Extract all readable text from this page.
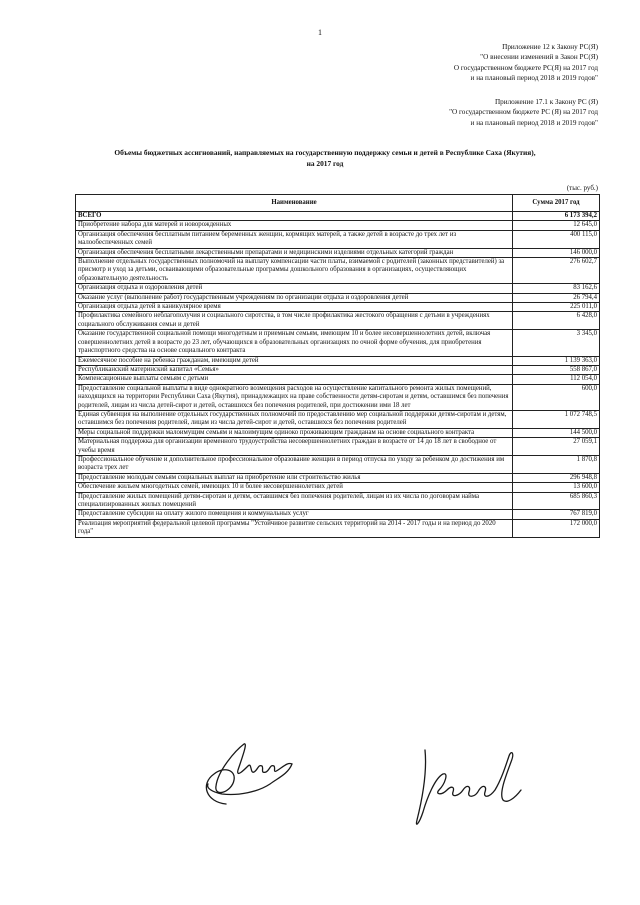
1
Приложение 12 к Закону РС(Я)
"О внесении изменений в Закон РС(Я)
О государственном бюджете РС(Я) на 2017 год
и на плановый период 2018 и 2019 годов"
Приложение 17.1 к Закону РС (Я)
"О государственном бюджете РС (Я) на 2017 год
и на плановый период 2018 и 2019 годов"
Объемы бюджетных ассигнований, направляемых на государственную поддержку семьи и детей в Республике Саха (Якутия),
на 2017 год
(тыс. руб.)
Наименование	Сумма 2017 год
ВСЕГО	6 173 394,2
Приобретение набора для матерей и новорожденных	12 645,0
Организация обеспечения бесплатным питанием беременных женщин, кормящих матерей, а также детей в возрасте до трех лет из малообеспеченных семей	400 115,0
Организация обеспечения бесплатными лекарственными препаратами и медицинскими изделиями отдельных категорий граждан	146 000,0
Выполнение отдельных государственных полномочий на выплату компенсации части платы, взимаемой с родителей (законных представителей) за присмотр и уход за детьми, осваивающими образовательные программы дошкольного образования в организациях, осуществляющих образовательную деятельность	276 602,7
Организация отдыха и оздоровления детей	83 162,6
Оказание услуг (выполнение работ) государственным учреждениям по организации отдыха и оздоровления детей	26 794,4
Организация отдыха детей в каникулярное время	225 011,0
Профилактика семейного неблагополучия и социального сиротства, в том числе профилактика жестокого обращения с детьми в учреждениях социального обслуживания семьи и детей	6 428,0
Оказание государственной социальной помощи многодетным и приемным семьям, имеющим 10 и более несовершеннолетних детей, включая совершеннолетних детей в возрасте до 23 лет, обучающихся в образовательных организациях по очной форме обучения, для приобретения транспортного средства на основе социального контракта	3 345,0
Ежемесячное пособие на ребенка гражданам, имеющим детей	1 139 363,0
Республиканский материнский капитал «Семья»	558 867,0
Компенсационные выплаты семьям с детьми	112 054,0
Предоставление социальной выплаты в виде однократного возмещения расходов на осуществление капитального ремонта жилых помещений, находящихся на территории Республики Саха (Якутия), принадлежащих на праве собственности детям-сиротам и детям, оставшимся без попечения родителей, лицам из числа детей-сирот и детей, оставшихся без попечения родителей, при достижении ими 18 лет	600,0
Единая субвенция на выполнение отдельных государственных полномочий по предоставлению мер социальной поддержки детям-сиротам и детям, оставшимся без попечения родителей, лицам из числа детей-сирот и детей, оставшихся без попечения родителей	1 072 748,5
Меры социальной поддержки малоимущим семьям и малоимущим одиноко проживающим гражданам на основе социального контракта	144 500,0
Материальная поддержка для организации временного трудоустройства несовершеннолетних граждан в возрасте от 14 до 18 лет в свободное от учебы время	27 059,1
Профессиональное обучение и дополнительное профессиональное образование женщин в период отпуска по уходу за ребенком до достижения им возраста трех лет	1 870,8
Предоставление молодым семьям социальных выплат на приобретение или строительство жилья	296 948,8
Обеспечение жильем многодетных семей, имеющих 10 и более несовершеннолетних детей	13 600,0
Предоставление жилых помещений детям-сиротам и детям, оставшимся без попечения родителей, лицам из их числа по договорам найма специализированных жилых помещений	685 860,3
Предоставление субсидии на оплату жилого помещения и коммунальных услуг	767 819,0
Реализация мероприятий федеральной целевой программы "Устойчивое развитие сельских территорий на 2014 - 2017 годы и на период до 2020 года"	172 000,0
